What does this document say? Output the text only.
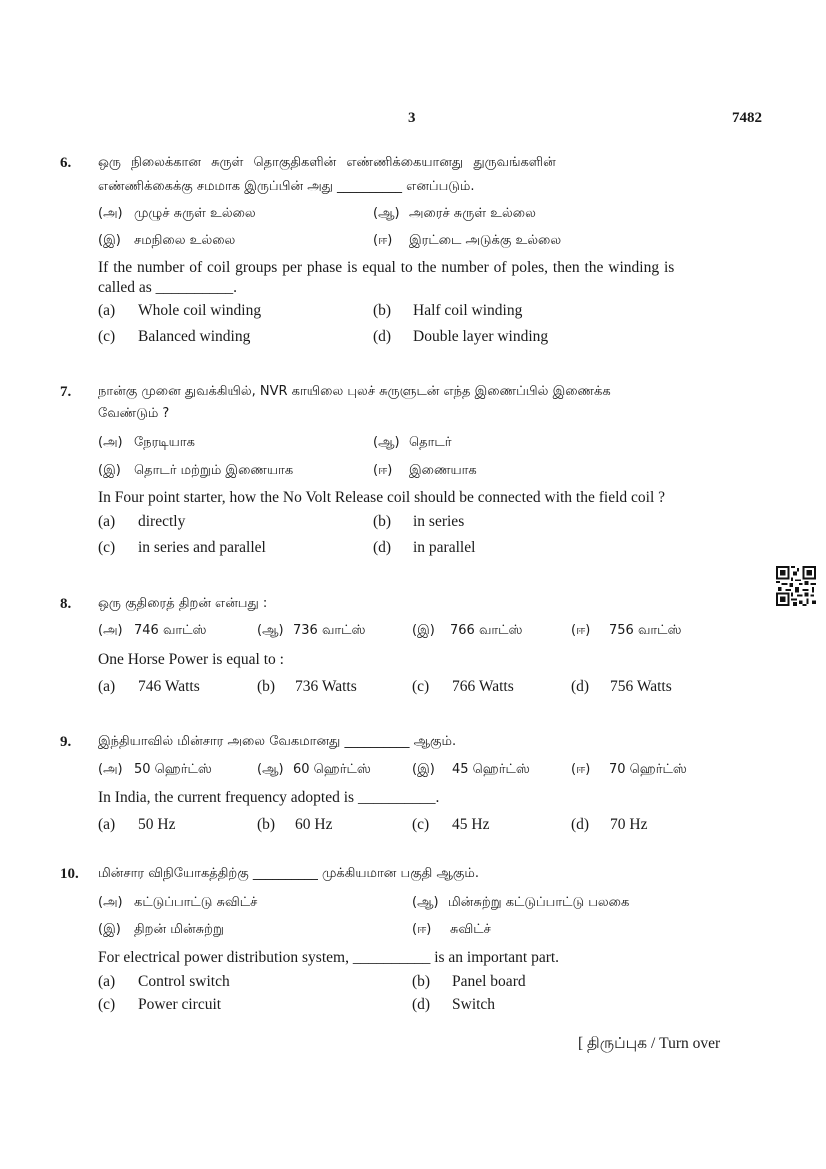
3	7482
6. ஒரு நிலைக்கான சுருள் தொகுதிகளின் எண்ணிக்கையானது துருவங்களின்
எண்ணிக்கைக்கு சமமாக இருப்பின் அது __________ எனப்படும்.
(அ) முழுச் சுருள் உல்லை	(ஆ) அரைச் சுருள் உல்லை
(இ) சமநிலை உல்லை	(ஈ) இரட்டை அடுக்கு உல்லை
If the number of coil groups per phase is equal to the number of poles, then the winding is
called as __________.
(a) Whole coil winding	(b) Half coil winding
(c) Balanced winding	(d) Double layer winding
7. நான்கு முனை துவக்கியில், NVR காயிலை புலச் சுருளுடன் எந்த இணைப்பில் இணைக்க
வேண்டும் ?
(அ) நேரடியாக	(ஆ) தொடர்
(இ) தொடர் மற்றும் இணையாக	(ஈ) இணையாக
In Four point starter, how the No Volt Release coil should be connected with the field coil ?
(a) directly	(b) in series
(c) in series and parallel	(d) in parallel
8. ஒரு குதிரைத் திறன் என்பது :
(அ) 746 வாட்ஸ்	(ஆ) 736 வாட்ஸ்	(இ) 766 வாட்ஸ்	(ஈ) 756 வாட்ஸ்
One Horse Power is equal to :
(a) 746 Watts	(b) 736 Watts	(c) 766 Watts	(d) 756 Watts
9. இந்தியாவில் மின்சார அலை வேகமானது __________ ஆகும்.
(அ) 50 ஹெர்ட்ஸ்	(ஆ) 60 ஹெர்ட்ஸ்	(இ) 45 ஹெர்ட்ஸ்	(ஈ) 70 ஹெர்ட்ஸ்
In India, the current frequency adopted is __________.
(a) 50 Hz	(b) 60 Hz	(c) 45 Hz	(d) 70 Hz
10. மின்சார விநியோகத்திற்கு __________ முக்கியமான பகுதி ஆகும்.
(அ) கட்டுப்பாட்டு சுவிட்ச்	(ஆ) மின்சுற்று கட்டுப்பாட்டு பலகை
(இ) திறன் மின்சுற்று	(ஈ) சுவிட்ச்
For electrical power distribution system, __________ is an important part.
(a) Control switch	(b) Panel board
(c) Power circuit	(d) Switch
[ திருப்புக / Turn over
